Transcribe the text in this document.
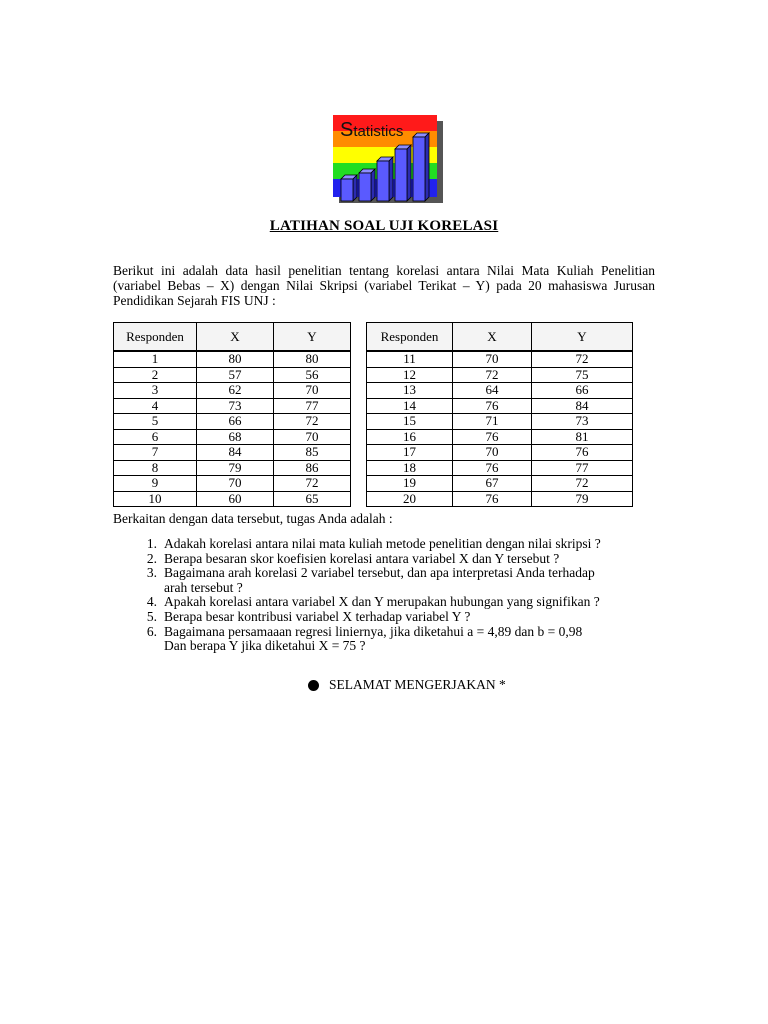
Statistics
LATIHAN SOAL UJI KORELASI
Berikut ini adalah data hasil penelitian tentang korelasi antara Nilai Mata Kuliah Penelitian (variabel Bebas – X) dengan Nilai Skripsi (variabel Terikat – Y) pada 20 mahasiswa Jurusan Pendidikan Sejarah FIS UNJ :
Responden	X	Y
1	80	80
2	57	56
3	62	70
4	73	77
5	66	72
6	68	70
7	84	85
8	79	86
9	70	72
10	60	65
Responden	X	Y
11	70	72
12	72	75
13	64	66
14	76	84
15	71	73
16	76	81
17	70	76
18	76	77
19	67	72
20	76	79
Berkaitan dengan data tersebut, tugas Anda adalah :
1. Adakah korelasi antara nilai mata kuliah metode penelitian dengan nilai skripsi ?
2. Berapa besaran skor koefisien korelasi antara variabel X dan Y tersebut ?
3. Bagaimana arah korelasi 2 variabel tersebut, dan apa interpretasi Anda terhadap
arah tersebut ?
4. Apakah korelasi antara variabel X dan Y merupakan hubungan yang signifikan ?
5. Berapa besar kontribusi variabel X terhadap variabel Y ?
6. Bagaimana persamaaan regresi liniernya, jika diketahui a = 4,89 dan b = 0,98
Dan berapa Y jika diketahui X = 75 ?
SELAMAT MENGERJAKAN *
